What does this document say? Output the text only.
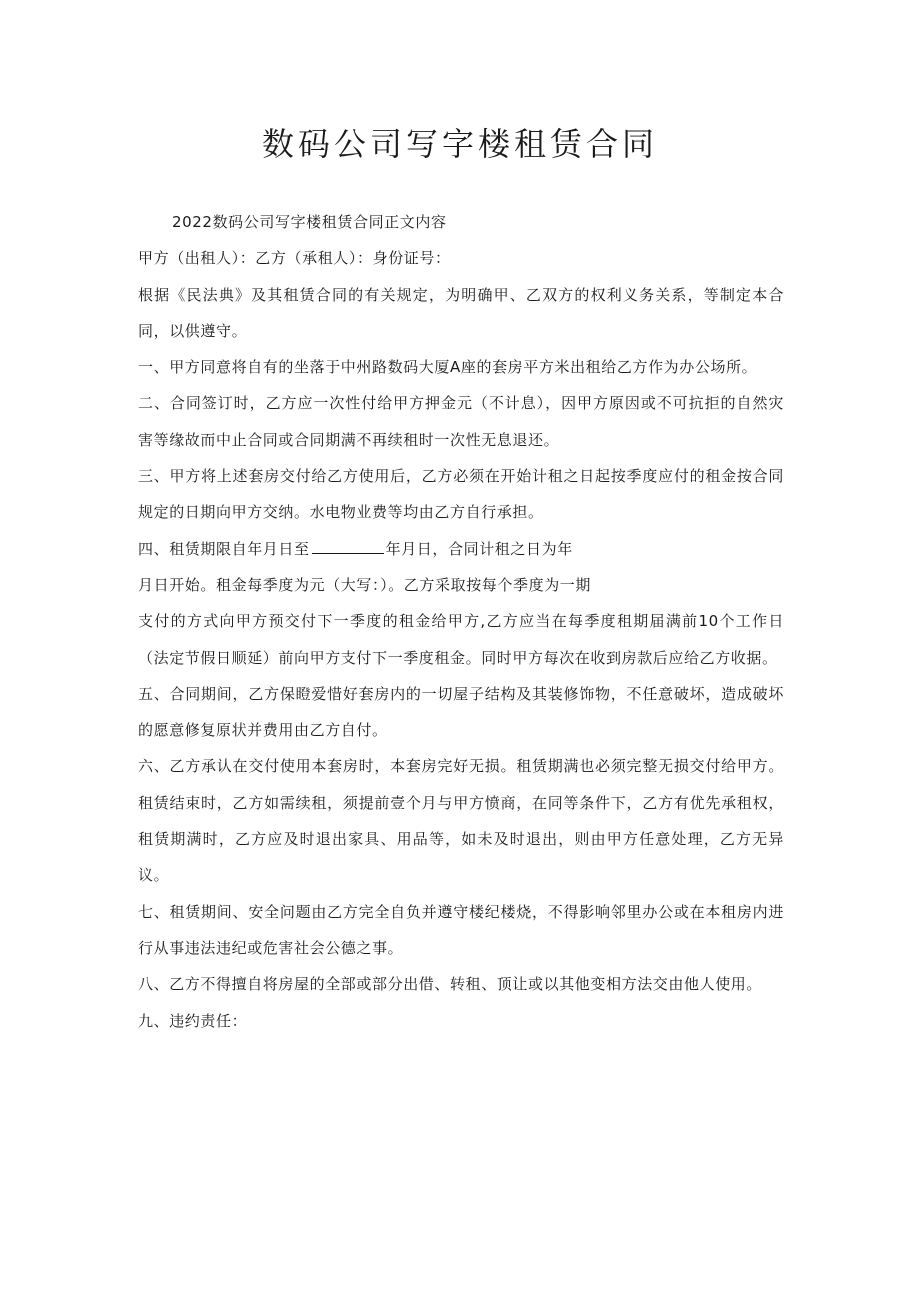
数码公司写字楼租赁合同

2022数码公司写字楼租赁合同正文内容

甲方（出租人）：乙方（承租人）：身份证号：

根据《民法典》及其租赁合同的有关规定，为明确甲、乙双方的权利义务关系，等制定本合同，以供遵守。

一、甲方同意将自有的坐落于中州路数码大厦A座的套房平方米出租给乙方作为办公场所。

二、合同签订时，乙方应一次性付给甲方押金元（不计息），因甲方原因或不可抗拒的自然灾害等缘故而中止合同或合同期满不再续租时一次性无息退还。

三、甲方将上述套房交付给乙方使用后，乙方必须在开始计租之日起按季度应付的租金按合同规定的日期向甲方交纳。水电物业费等均由乙方自行承担。

四、租赁期限自年月日至	年月日，合同计租之日为年

月日开始。租金每季度为元（大写：）。乙方采取按每个季度为一期

支付的方式向甲方预交付下一季度的租金给甲方,乙方应当在每季度租期届满前10个工作日（法定节假日顺延）前向甲方支付下一季度租金。同时甲方每次在收到房款后应给乙方收据。

五、合同期间，乙方保瞪爱惜好套房内的一切屋子结构及其装修饰物，不任意破坏，造成破坏的愿意修复原状并费用由乙方自付。

六、乙方承认在交付使用本套房时，本套房完好无损。租赁期满也必须完整无损交付给甲方。租赁结束时，乙方如需续租，须提前壹个月与甲方愤商，在同等条件下，乙方有优先承租权，租赁期满时，乙方应及时退出家具、用品等，如未及时退出，则由甲方任意处理，乙方无异议。

七、租赁期间、安全问题由乙方完全自负并遵守楼纪楼烧，不得影响邻里办公或在本租房内进行从事违法违纪或危害社会公德之事。

八、乙方不得擅自将房屋的全部或部分出借、转租、顶让或以其他变相方法交由他人使用。

九、违约责任：
